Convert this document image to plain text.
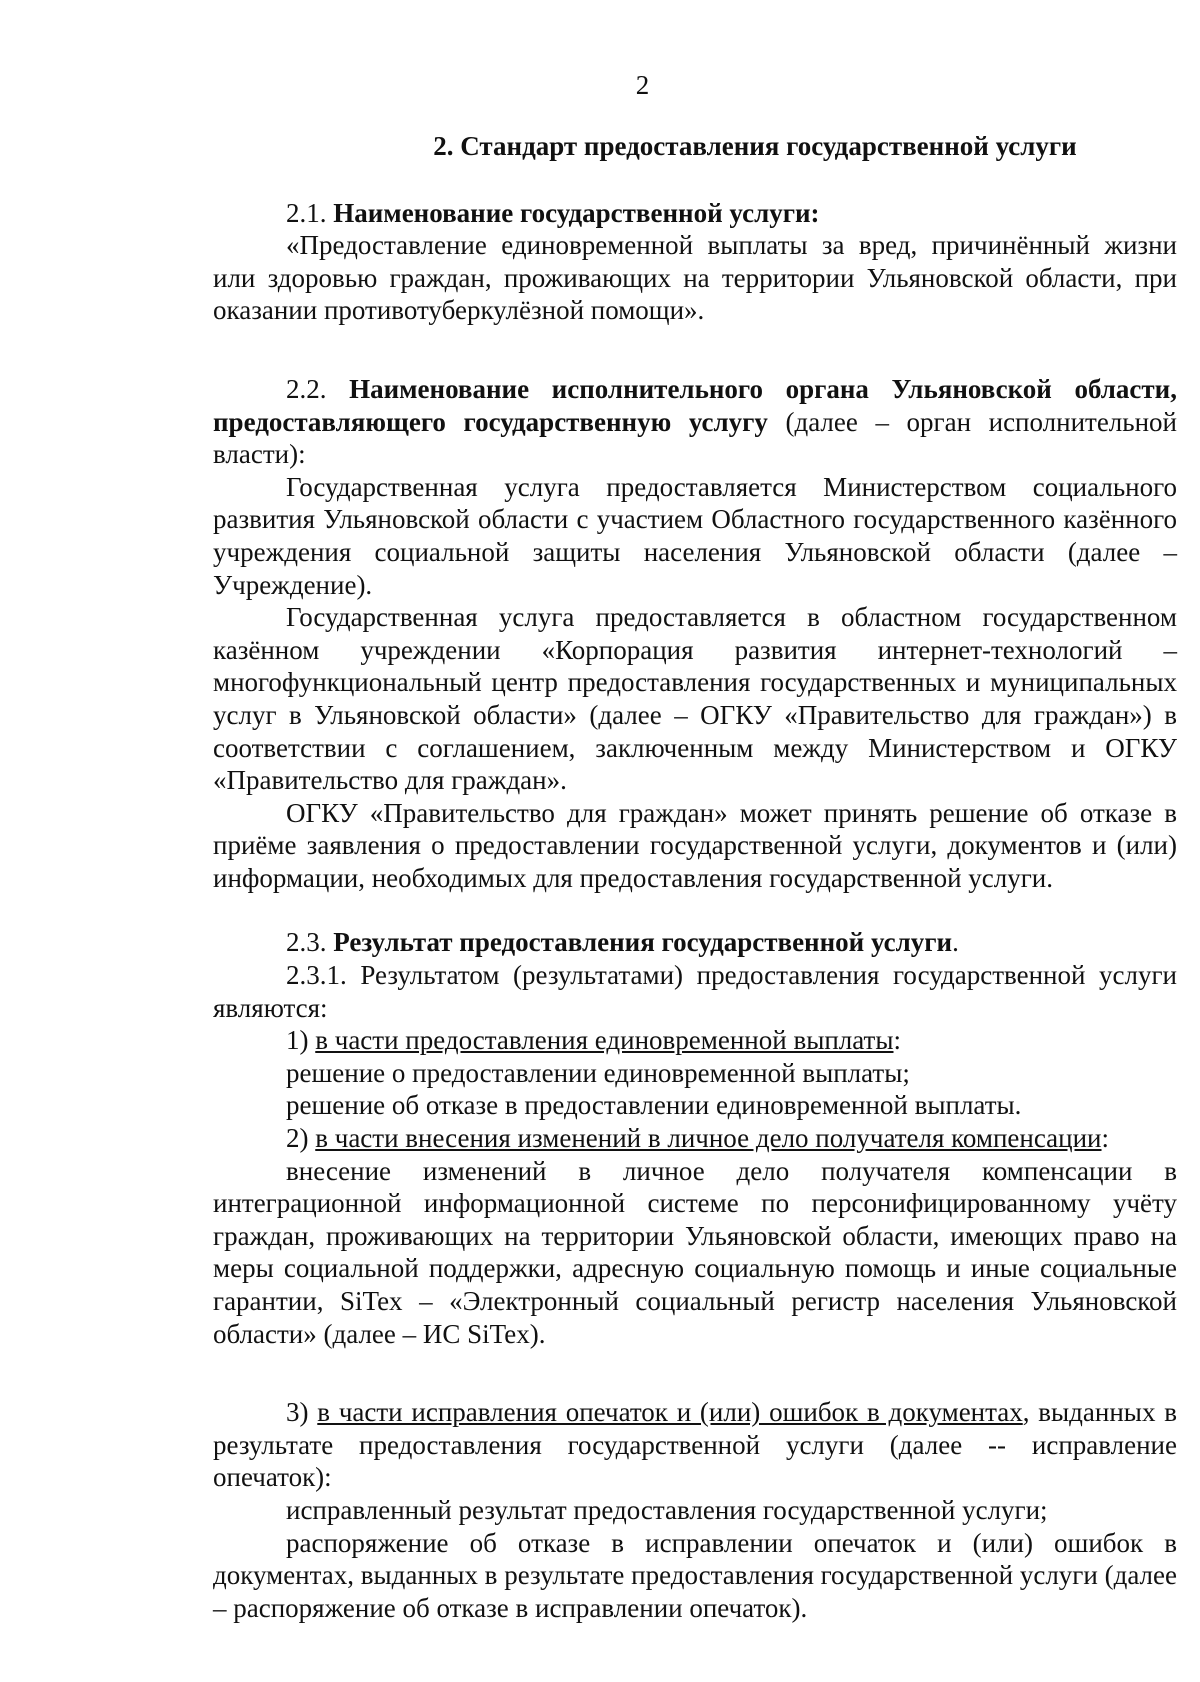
2
2. Стандарт предоставления государственной услуги

2.1. Наименование государственной услуги:

«Предоставление единовременной выплаты за вред, причинённый жизни или здоровью граждан, проживающих на территории Ульяновской области, при оказании противотуберкулёзной помощи».

2.2. Наименование исполнительного органа Ульяновской области, предоставляющего государственную услугу (далее – орган исполнительной власти):

Государственная услуга предоставляется Министерством социального развития Ульяновской области с участием Областного государственного казённого учреждения социальной защиты населения Ульяновской области (далее – Учреждение).

Государственная услуга предоставляется в областном государственном казённом учреждении «Корпорация развития интернет-технологий – многофункциональный центр предоставления государственных и муниципальных услуг в Ульяновской области» (далее – ОГКУ «Правительство для граждан») в соответствии с соглашением, заключенным между Министерством и ОГКУ «Правительство для граждан».

ОГКУ «Правительство для граждан» может принять решение об отказе в приёме заявления о предоставлении государственной услуги, документов и (или) информации, необходимых для предоставления государственной услуги.

2.3. Результат предоставления государственной услуги.

2.3.1. Результатом (результатами) предоставления государственной услуги являются:

1) в части предоставления единовременной выплаты:

решение о предоставлении единовременной выплаты;

решение об отказе в предоставлении единовременной выплаты.

2) в части внесения изменений в личное дело получателя компенсации:

внесение изменений в личное дело получателя компенсации в интеграционной информационной системе по персонифицированному учёту граждан, проживающих на территории Ульяновской области, имеющих право на меры социальной поддержки, адресную социальную помощь и иные социальные гарантии, SiTex – «Электронный социальный регистр населения Ульяновской области» (далее – ИС SiTex).

3) в части исправления опечаток и (или) ошибок в документах, выданных в результате предоставления государственной услуги (далее -- исправление опечаток):

исправленный результат предоставления государственной услуги;

распоряжение об отказе в исправлении опечаток и (или) ошибок в документах, выданных в результате предоставления государственной услуги (далее – распоряжение об отказе в исправлении опечаток).
